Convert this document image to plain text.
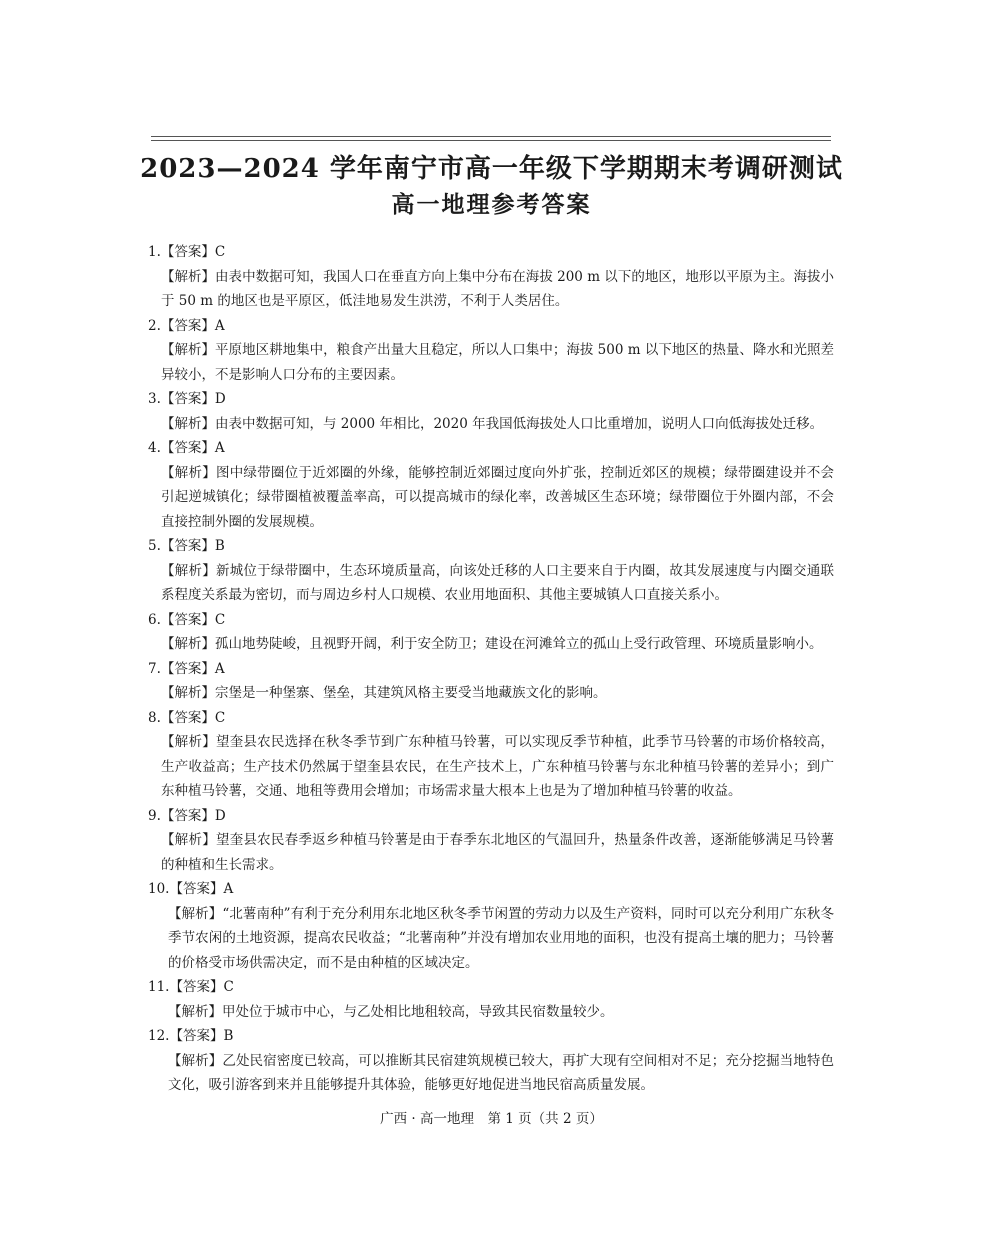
2023—2024 学年南宁市高一年级下学期期末考调研测试
高一地理参考答案
1.【答案】C
【解析】由表中数据可知，我国人口在垂直方向上集中分布在海拔 200 m 以下的地区，地形以平原为主。海拔小于 50 m 的地区也是平原区，低洼地易发生洪涝，不利于人类居住。
2.【答案】A
【解析】平原地区耕地集中，粮食产出量大且稳定，所以人口集中；海拔 500 m 以下地区的热量、降水和光照差异较小，不是影响人口分布的主要因素。
3.【答案】D
【解析】由表中数据可知，与 2000 年相比，2020 年我国低海拔处人口比重增加，说明人口向低海拔处迁移。
4.【答案】A
【解析】图中绿带圈位于近郊圈的外缘，能够控制近郊圈过度向外扩张，控制近郊区的规模；绿带圈建设并不会引起逆城镇化；绿带圈植被覆盖率高，可以提高城市的绿化率，改善城区生态环境；绿带圈位于外圈内部，不会直接控制外圈的发展规模。
5.【答案】B
【解析】新城位于绿带圈中，生态环境质量高，向该处迁移的人口主要来自于内圈，故其发展速度与内圈交通联系程度关系最为密切，而与周边乡村人口规模、农业用地面积、其他主要城镇人口直接关系小。
6.【答案】C
【解析】孤山地势陡峻，且视野开阔，利于安全防卫；建设在河滩耸立的孤山上受行政管理、环境质量影响小。
7.【答案】A
【解析】宗堡是一种堡寨、堡垒，其建筑风格主要受当地藏族文化的影响。
8.【答案】C
【解析】望奎县农民选择在秋冬季节到广东种植马铃薯，可以实现反季节种植，此季节马铃薯的市场价格较高，生产收益高；生产技术仍然属于望奎县农民，在生产技术上，广东种植马铃薯与东北种植马铃薯的差异小；到广东种植马铃薯，交通、地租等费用会增加；市场需求量大根本上也是为了增加种植马铃薯的收益。
9.【答案】D
【解析】望奎县农民春季返乡种植马铃薯是由于春季东北地区的气温回升，热量条件改善，逐渐能够满足马铃薯的种植和生长需求。
10.【答案】A
【解析】“北薯南种”有利于充分利用东北地区秋冬季节闲置的劳动力以及生产资料，同时可以充分利用广东秋冬季节农闲的土地资源，提高农民收益；“北薯南种”并没有增加农业用地的面积，也没有提高土壤的肥力；马铃薯的价格受市场供需决定，而不是由种植的区域决定。
11.【答案】C
【解析】甲处位于城市中心，与乙处相比地租较高，导致其民宿数量较少。
12.【答案】B
【解析】乙处民宿密度已较高，可以推断其民宿建筑规模已较大，再扩大现有空间相对不足；充分挖掘当地特色文化，吸引游客到来并且能够提升其体验，能够更好地促进当地民宿高质量发展。
广西 · 高一地理　第 1 页（共 2 页）
